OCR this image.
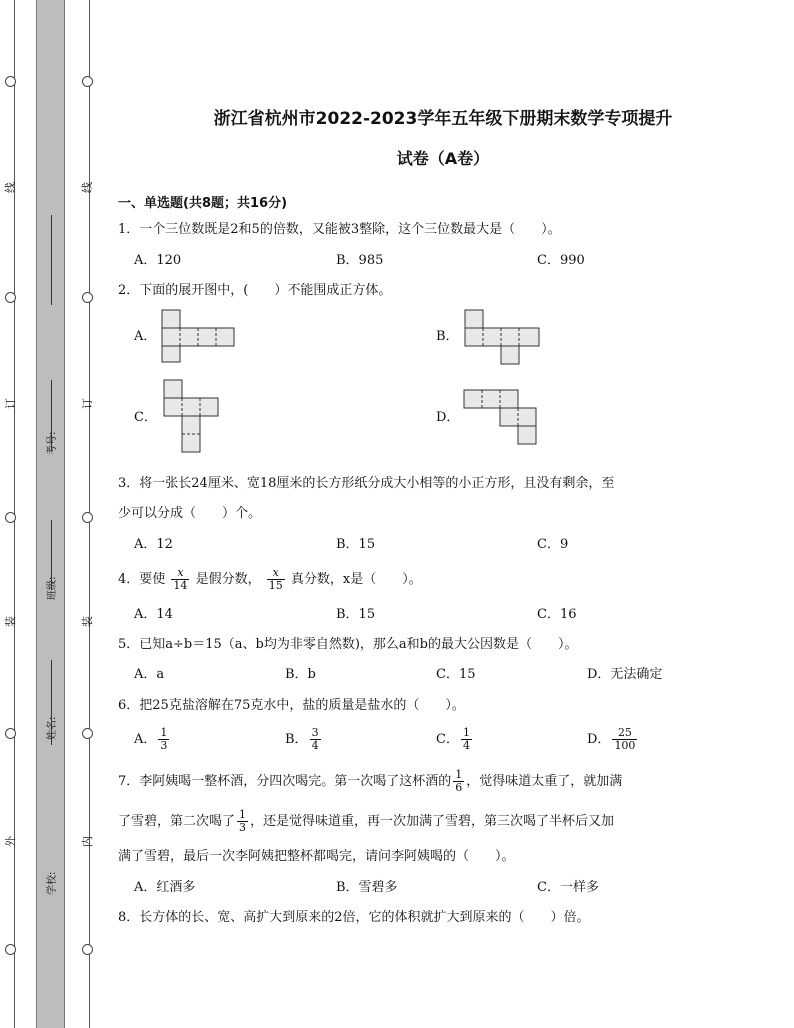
线
订
装
外
线
订
装
内
考号:
班级:
姓名:
学校:
浙江省杭州市2022-2023学年五年级下册期末数学专项提升
试卷（A卷）
一、单选题(共8题；共16分)
1．一个三位数既是2和5的倍数，又能被3整除，这个三位数最大是（　　）。
A．120	B．985	C．990
2．下面的展开图中，(　　）不能围成正方体。
A．	B．
C．	D．
3．将一张长24厘米、宽18厘米的长方形纸分成大小相等的小正方形，且没有剩余，至
少可以分成（　　）个。
A．12	B．15	C．9
4．要使 $\frac{x}{14}$ 是假分数， $\frac{x}{15}$ 真分数，x是（　　）。
A．14	B．15	C．16
5．已知a÷b＝15（a、b均为非零自然数)，那么a和b的最大公因数是（　　）。
A．a	B．b	C．15	D．无法确定
6．把25克盐溶解在75克水中，盐的质量是盐水的（　　）。
A． $\frac{1}{3}$	B． $\frac{3}{4}$	C． $\frac{1}{4}$	D． $\frac{25}{100}$
7．李阿姨喝一整杯酒，分四次喝完。第一次喝了这杯酒的 $\frac{1}{6}$ ，觉得味道太重了，就加满
了雪碧，第二次喝了 $\frac{1}{3}$ ，还是觉得味道重，再一次加满了雪碧，第三次喝了半杯后又加
满了雪碧，最后一次李阿姨把整杯都喝完，请问李阿姨喝的（　　）。
A．红酒多	B．雪碧多	C．一样多
8．长方体的长、宽、高扩大到原来的2倍，它的体积就扩大到原来的（　　）倍。
